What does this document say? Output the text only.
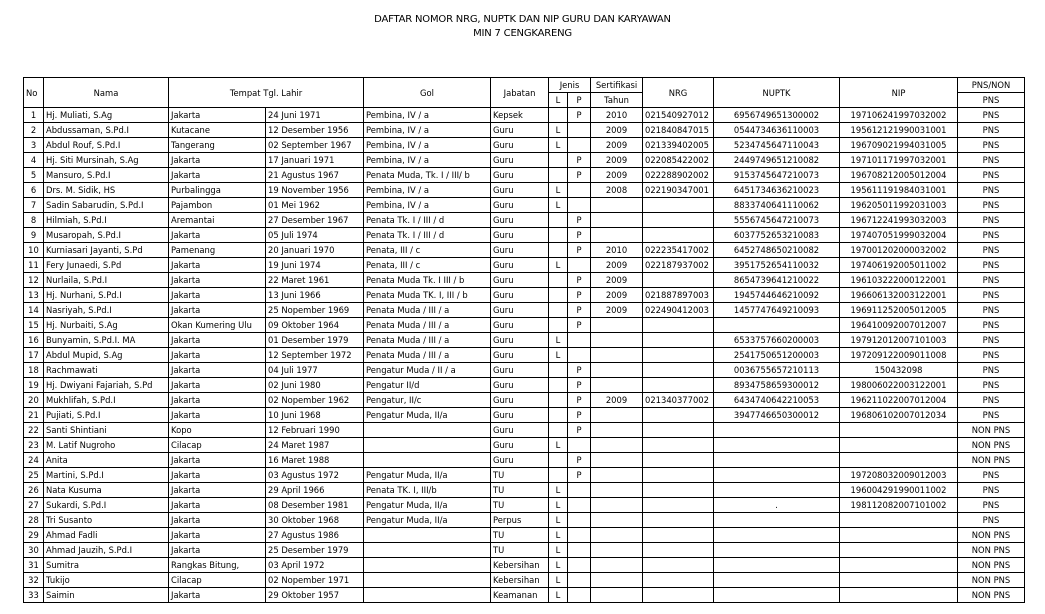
DAFTAR NOMOR NRG, NUPTK DAN NIP GURU DAN KARYAWAN
MIN 7 CENGKARENG
No	Nama	Tempat Tgl. Lahir		Gol	Jabatan	Jenis		Sertifikasi	NRG	NUPTK	NIP	PNS/NON
						L	P	Tahun				PNS
1	Hj. Muliati, S.Ag	Jakarta	24 Juni 1971	Pembina, IV / a	Kepsek		P	2010	021540927012	6956749651300002	197106241997032002	PNS
2	Abdussaman, S.Pd.I	Kutacane	12 Desember 1956	Pembina, IV / a	Guru	L		2009	021840847015	0544734636110003	195612121990031001	PNS
3	Abdul Rouf, S.Pd.I	Tangerang	02 September 1967	Pembina, IV / a	Guru	L		2009	021339402005	5234745647110043	196709021994031005	PNS
4	Hj. Siti Mursinah, S.Ag	Jakarta	17 Januari 1971	Pembina, IV / a	Guru		P	2009	022085422002	2449749651210082	197101171997032001	PNS
5	Mansuro, S.Pd.I	Jakarta	21 Agustus 1967	Penata Muda, Tk. I / III/ b	Guru		P	2009	022288902002	9153745647210073	196708212005012004	PNS
6	Drs. M. Sidik, HS	Purbalingga	19 November 1956	Pembina, IV / a	Guru	L		2008	022190347001	6451734636210023	195611191984031001	PNS
7	Sadin Sabarudin, S.Pd.I	Pajambon	01 Mei 1962	Pembina, IV / a	Guru	L				8833740641110062	196205011992031003	PNS
8	Hilmiah, S.Pd.I	Aremantai	27 Desember 1967	Penata Tk. I / III / d	Guru		P			5556745647210073	196712241993032003	PNS
9	Musaropah, S.Pd.I	Jakarta	05 Juli 1974	Penata Tk. I / III / d	Guru		P			6037752653210083	197407051999032004	PNS
10	Kurniasari Jayanti, S.Pd	Pamenang	20 Januari 1970	Penata, III / c	Guru		P	2010	022235417002	6452748650210082	197001202000032002	PNS
11	Fery Junaedi, S.Pd	Jakarta	19 Juni 1974	Penata, III / c	Guru	L		2009	022187937002	3951752654110032	197406192005011002	PNS
12	Nurlaila, S.Pd.I	Jakarta	22 Maret 1961	Penata Muda Tk. I III / b	Guru		P	2009		8654739641210022	196103222000122001	PNS
13	Hj. Nurhani, S.Pd.I	Jakarta	13 Juni 1966	Penata Muda TK. I, III / b	Guru		P	2009	021887897003	1945744646210092	196606132003122001	PNS
14	Nasriyah, S.Pd.I	Jakarta	25 Nopember 1969	Penata Muda / III / a	Guru		P	2009	022490412003	1457747649210093	196911252005012005	PNS
15	Hj. Nurbaiti, S.Ag	Okan Kumering Ulu	09 Oktober 1964	Penata Muda / III / a	Guru		P				196410092007012007	PNS
16	Bunyamin, S.Pd.I. MA	Jakarta	01 Desember 1979	Penata Muda / III / a	Guru	L				6533757660200003	197912012007101003	PNS
17	Abdul Mupid, S.Ag	Jakarta	12 September 1972	Penata Muda / III / a	Guru	L				2541750651200003	197209122009011008	PNS
18	Rachmawati	Jakarta	04 Juli 1977	Pengatur Muda / II / a	Guru		P			0036755657210113	150432098	PNS
19	Hj. Dwiyani Fajariah, S.Pd	Jakarta	02 Juni 1980	Pengatur II/d	Guru		P			8934758659300012	198006022003122001	PNS
20	Mukhlifah, S.Pd.I	Jakarta	02 Nopember 1962	Pengatur, II/c	Guru		P	2009	021340377002	6434740642210053	196211022007012004	PNS
21	Pujiati, S.Pd.I	Jakarta	10 Juni 1968	Pengatur Muda, II/a	Guru		P			3947746650300012	196806102007012034	PNS
22	Santi Shintiani	Kopo	12 Februari 1990		Guru		P					NON PNS
23	M. Latif Nugroho	Cilacap	24 Maret 1987		Guru	L						NON PNS
24	Anita	Jakarta	16 Maret 1988		Guru		P					NON PNS
25	Martini, S.Pd.I	Jakarta	03 Agustus 1972	Pengatur Muda, II/a	TU		P				197208032009012003	PNS
26	Nata Kusuma	Jakarta	29 April 1966	Penata TK. I, III/b	TU	L					196004291990011002	PNS
27	Sukardi, S.Pd.I	Jakarta	08 Desember 1981	Pengatur Muda, II/a	TU	L				.	198112082007101002	PNS
28	Tri Susanto	Jakarta	30 Oktober 1968	Pengatur Muda, II/a	Perpus	L						PNS
29	Ahmad Fadli	Jakarta	27 Agustus 1986		TU	L						NON PNS
30	Ahmad Jauzih, S.Pd.I	Jakarta	25 Desember 1979		TU	L						NON PNS
31	Sumitra	Rangkas Bitung,	03 April 1972		Kebersihan	L						NON PNS
32	Tukijo	Cilacap	02 Nopember 1971		Kebersihan	L						NON PNS
33	Saimin	Jakarta	29 Oktober 1957		Keamanan	L						NON PNS
